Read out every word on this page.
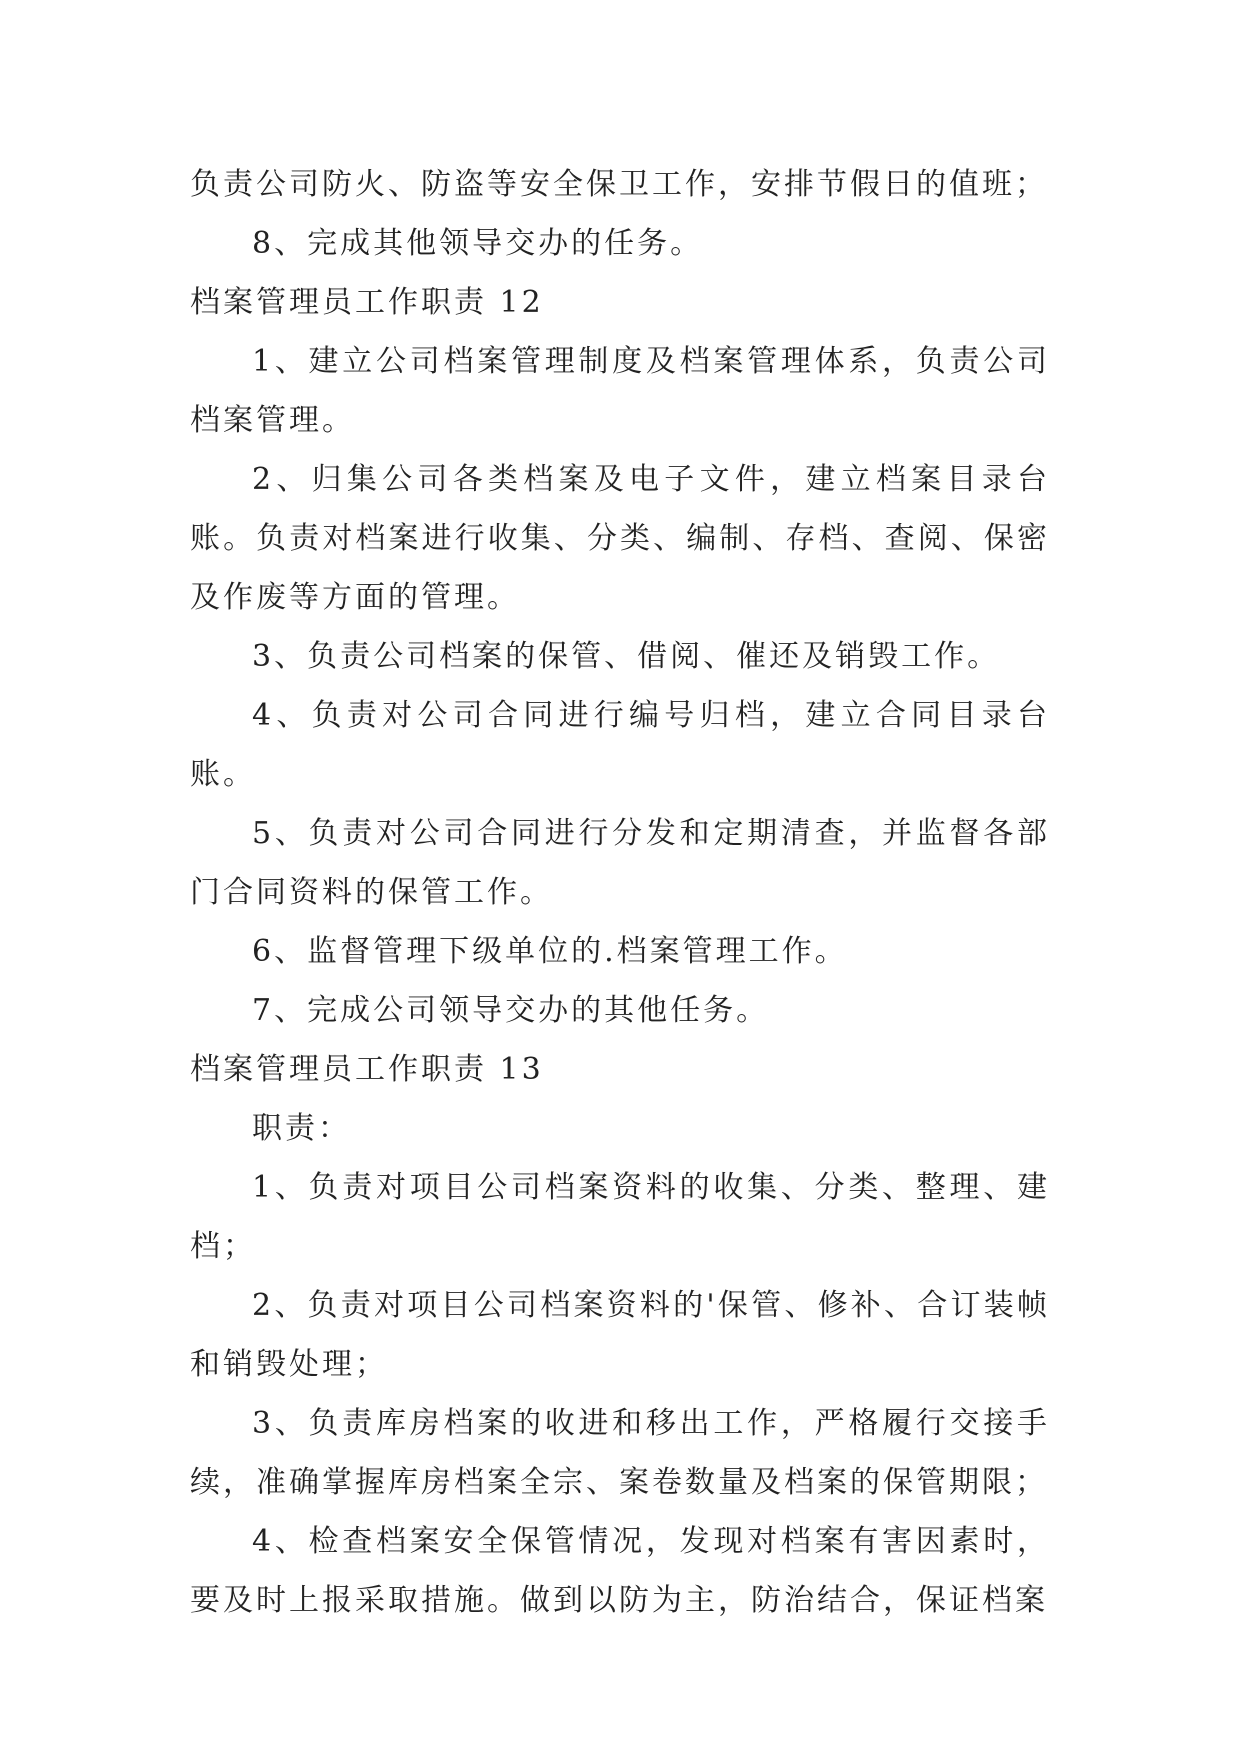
负责公司防火、防盗等安全保卫工作，安排节假日的值班；

8、完成其他领导交办的任务。

档案管理员工作职责 12

1、建立公司档案管理制度及档案管理体系，负责公司档案管理。

2、归集公司各类档案及电子文件，建立档案目录台账。负责对档案进行收集、分类、编制、存档、查阅、保密及作废等方面的管理。

3、负责公司档案的保管、借阅、催还及销毁工作。

4、负责对公司合同进行编号归档，建立合同目录台账。

5、负责对公司合同进行分发和定期清查，并监督各部门合同资料的保管工作。

6、监督管理下级单位的.档案管理工作。

7、完成公司领导交办的其他任务。

档案管理员工作职责 13

职责：

1、负责对项目公司档案资料的收集、分类、整理、建档；

2、负责对项目公司档案资料的'保管、修补、合订装帧和销毁处理；

3、负责库房档案的收进和移出工作，严格履行交接手续，准确掌握库房档案全宗、案卷数量及档案的保管期限；

4、检查档案安全保管情况，发现对档案有害因素时，要及时上报采取措施。做到以防为主，防治结合，保证档案
